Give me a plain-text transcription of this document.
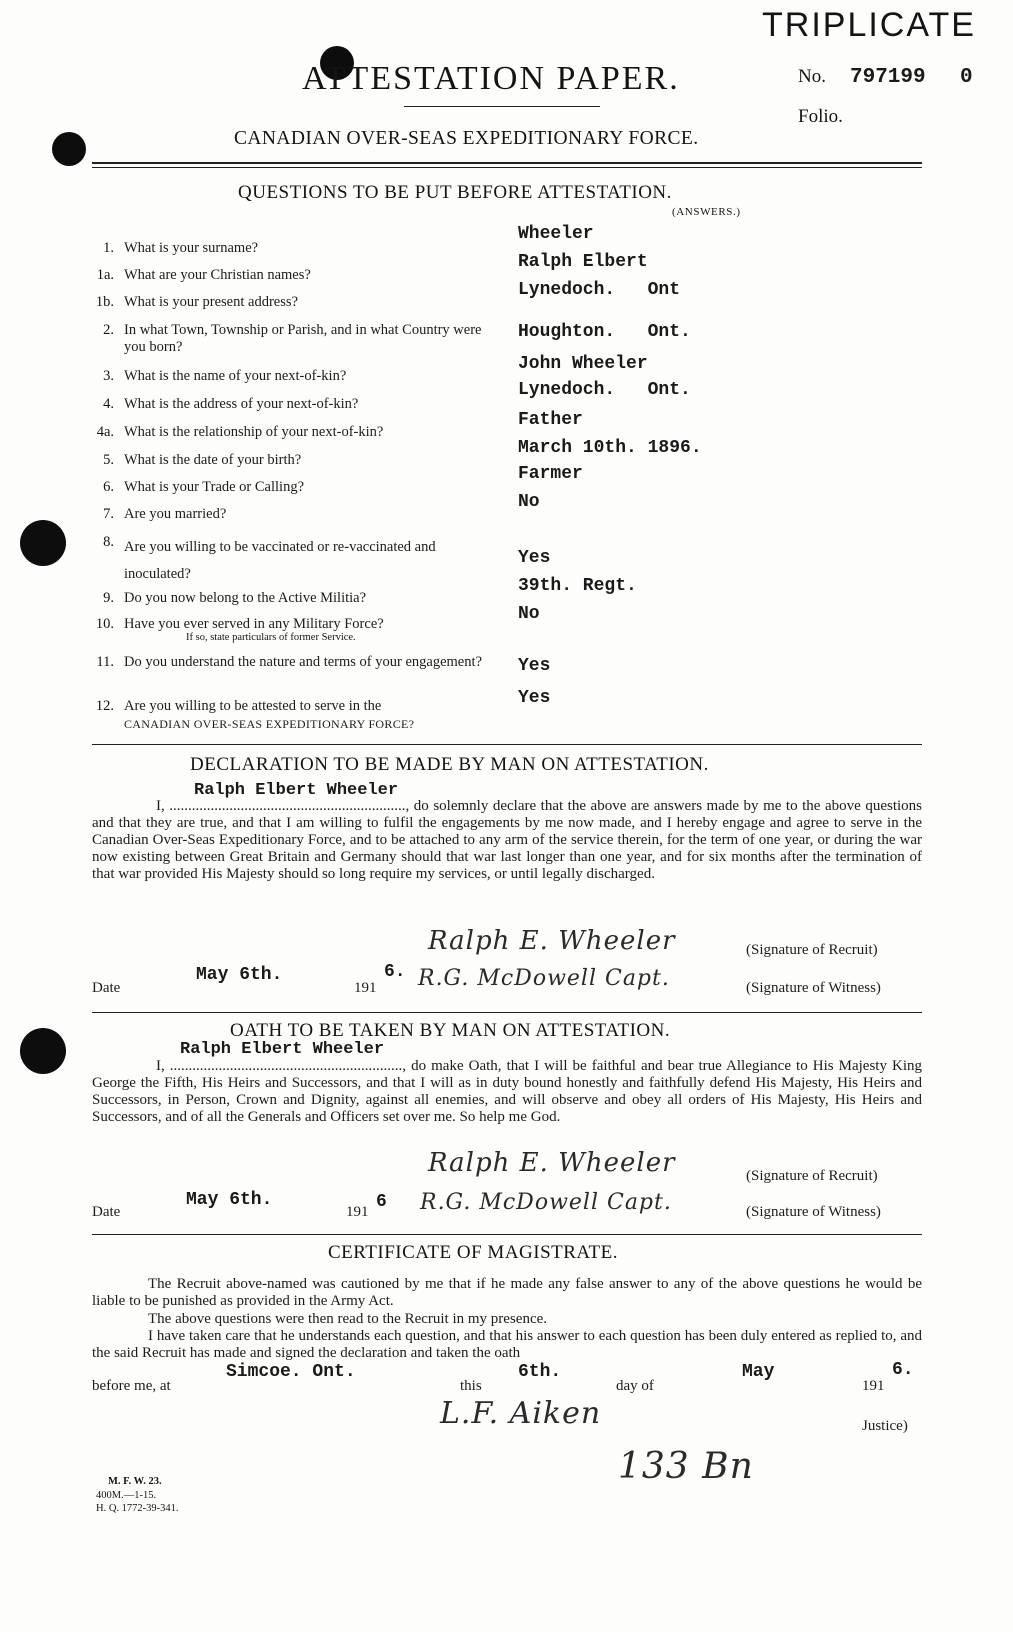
TRIPLICATE
ATTESTATION PAPER.	No. 797199 0
Folio.
CANADIAN OVER-SEAS EXPEDITIONARY FORCE.
QUESTIONS TO BE PUT BEFORE ATTESTATION.
(ANSWERS.)
1. What is your surname?
Wheeler
1a. What are your Christian names?
Ralph Elbert
1b. What is your present address?
Lynedoch.   Ont
2. In what Town, Township or Parish, and in what Country were you born?
Houghton.   Ont.
3. What is the name of your next-of-kin?
John Wheeler
4. What is the address of your next-of-kin?
Lynedoch.   Ont.
4a. What is the relationship of your next-of-kin?
Father
5. What is the date of your birth?
March 10th. 1896.
6. What is your Trade or Calling?
Farmer
7. Are you married?
No
8. Are you willing to be vaccinated or re-vaccinated and inoculated?
Yes
9. Do you now belong to the Active Militia?
39th. Regt.
10. Have you ever served in any Military Force?
If so, state particulars of former Service.
No
11. Do you understand the nature and terms of your engagement? Yes
12. Are you willing to be attested to serve in the
CANADIAN OVER-SEAS EXPEDITIONARY FORCE?
Yes
DECLARATION TO BE MADE BY MAN ON ATTESTATION.
Ralph Elbert Wheeler
I, ..............................................................., do solemnly declare that the above are answers made by me to the above questions and that they are true, and that I am willing to fulfil the engagements by me now made, and I hereby engage and agree to serve in the Canadian Over-Seas Expeditionary Force, and to be attached to any arm of the service therein, for the term of one year, or during the war now existing between Great Britain and Germany should that war last longer than one year, and for six months after the termination of that war provided His Majesty should so long require my services, or until legally discharged.
Ralph E. Wheeler	(Signature of Recruit)
Date
May 6th.
191
6. R.G. McDowell Capt.	(Signature of Witness)
OATH TO BE TAKEN BY MAN ON ATTESTATION.
Ralph Elbert Wheeler
I, .............................................................., do make Oath, that I will be faithful and bear true Allegiance to His Majesty King George the Fifth, His Heirs and Successors, and that I will as in duty bound honestly and faithfully defend His Majesty, His Heirs and Successors, in Person, Crown and Dignity, against all enemies, and will observe and obey all orders of His Majesty, His Heirs and Successors, and of all the Generals and Officers set over me. So help me God.
Ralph E. Wheeler	(Signature of Recruit)
Date
May 6th.
191 6 R.G. McDowell Capt.	(Signature of Witness)
CERTIFICATE OF MAGISTRATE.
The Recruit above-named was cautioned by me that if he made any false answer to any of the above questions he would be liable to be punished as provided in the Army Act.
The above questions were then read to the Recruit in my presence.
I have taken care that he understands each question, and that his answer to each question has been duly entered as replied to, and the said Recruit has made and signed the declaration and taken the oath
before me, at
Simcoe. Ont.
this
6th.
day of
May
191
6.
L.F. Aiken	Justice)
133 Bn
M. F. W. 23.
400M.—1-15.
H. Q. 1772-39-341.
